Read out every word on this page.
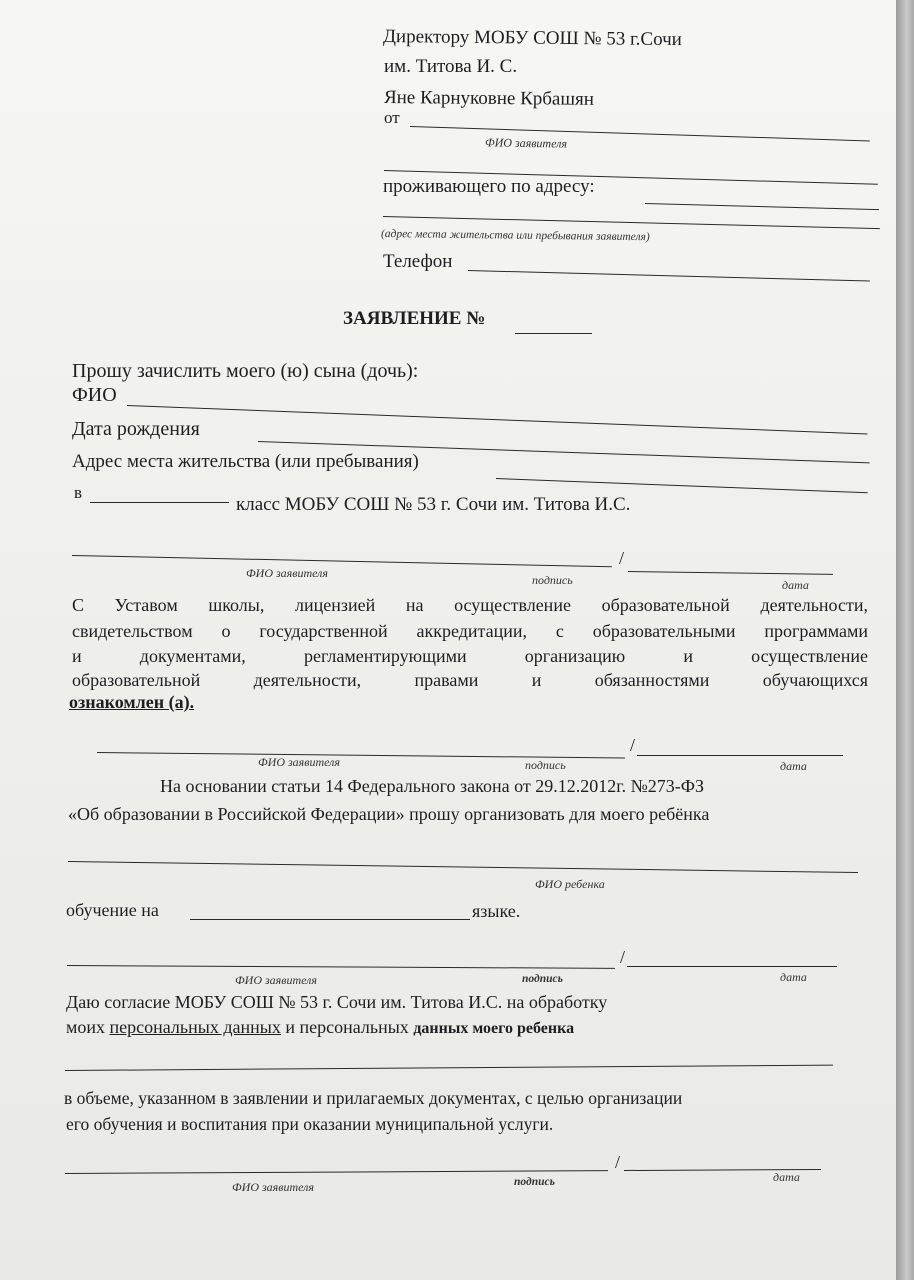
Директору МОБУ СОШ № 53 г.Сочи
им. Титова И. С.
Яне Карнуковне Крбашян
от
ФИО заявителя
проживающего по адресу:
(адрес места жительства или пребывания заявителя)
Телефон
ЗАЯВЛЕНИЕ №
Прошу зачислить моего (ю) сына (дочь):
ФИО
Дата рождения
Адрес места жительства (или пребывания)
в
класс МОБУ СОШ № 53 г. Сочи им. Титова И.С.
/
ФИО заявителя	подпись	дата
С Уставом школы, лицензией на осуществление образовательной деятельности,
свидетельством о государственной аккредитации, с образовательными программами
и документами, регламентирующими организацию и осуществление
образовательной деятельности, правами и обязанностями обучающихся
ознакомлен (а).
/
ФИО заявителя	подпись	дата
На основании статьи 14 Федерального закона от 29.12.2012г. №273-ФЗ
«Об образовании в Российской Федерации» прошу организовать для моего ребёнка
ФИО ребенка
обучение на	языке.
/
ФИО заявителя	подпись	дата
Даю согласие МОБУ СОШ № 53 г. Сочи им. Титова И.С. на обработку
моих персональных данных и персональных данных моего ребенка
в объеме, указанном в заявлении и прилагаемых документах, с целью организации
его обучения и воспитания при оказании муниципальной услуги.
/
ФИО заявителя	подпись	дата
